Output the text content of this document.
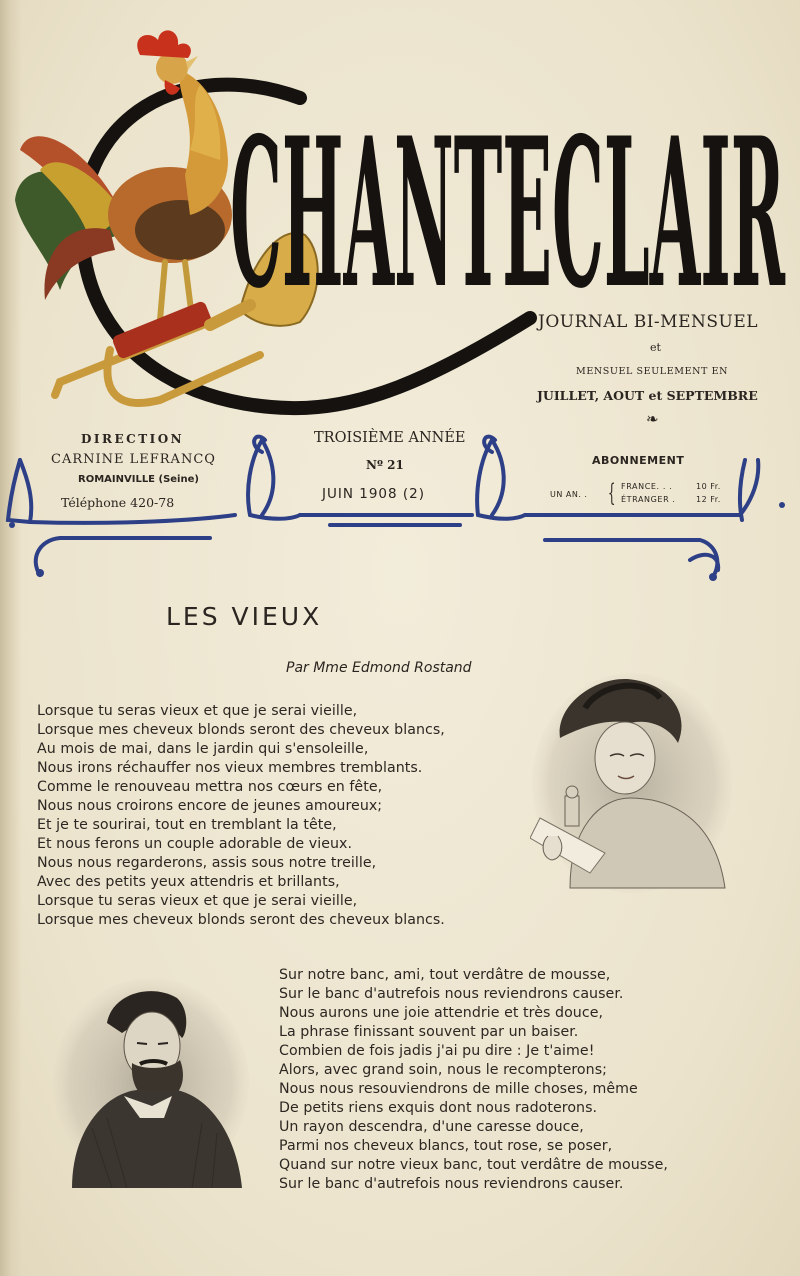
CHANTECLAIR

JOURNAL BI-MENSUEL

et

MENSUEL SEULEMENT EN

JUILLET, AOUT et SEPTEMBRE

❧

DIRECTION

CARNINE LEFRANCQ

ROMAINVILLE (Seine)

Téléphone 420-78

TROISIÈME ANNÉE

Nº 21

JUIN 1908 (2)

ABONNEMENT

UN AN. . { FRANCE. . .	10 Fr.

ÉTRANGER .	12 Fr.

LES VIEUX

Par Mme Edmond Rostand

Lorsque tu seras vieux et que je serai vieille,
Lorsque mes cheveux blonds seront des cheveux blancs,
Au mois de mai, dans le jardin qui s'ensoleille,
Nous irons réchauffer nos vieux membres tremblants.
Comme le renouveau mettra nos cœurs en fête,
Nous nous croirons encore de jeunes amoureux;
Et je te sourirai, tout en tremblant la tête,
Et nous ferons un couple adorable de vieux.
Nous nous regarderons, assis sous notre treille,
Avec des petits yeux attendris et brillants,
Lorsque tu seras vieux et que je serai vieille,
Lorsque mes cheveux blonds seront des cheveux blancs.
Sur notre banc, ami, tout verdâtre de mousse,
Sur le banc d'autrefois nous reviendrons causer.
Nous aurons une joie attendrie et très douce,
La phrase finissant souvent par un baiser.
Combien de fois jadis j'ai pu dire : Je t'aime!
Alors, avec grand soin, nous le recompterons;
Nous nous resouviendrons de mille choses, même
De petits riens exquis dont nous radoterons.
Un rayon descendra, d'une caresse douce,
Parmi nos cheveux blancs, tout rose, se poser,
Quand sur notre vieux banc, tout verdâtre de mousse,
Sur le banc d'autrefois nous reviendrons causer.
